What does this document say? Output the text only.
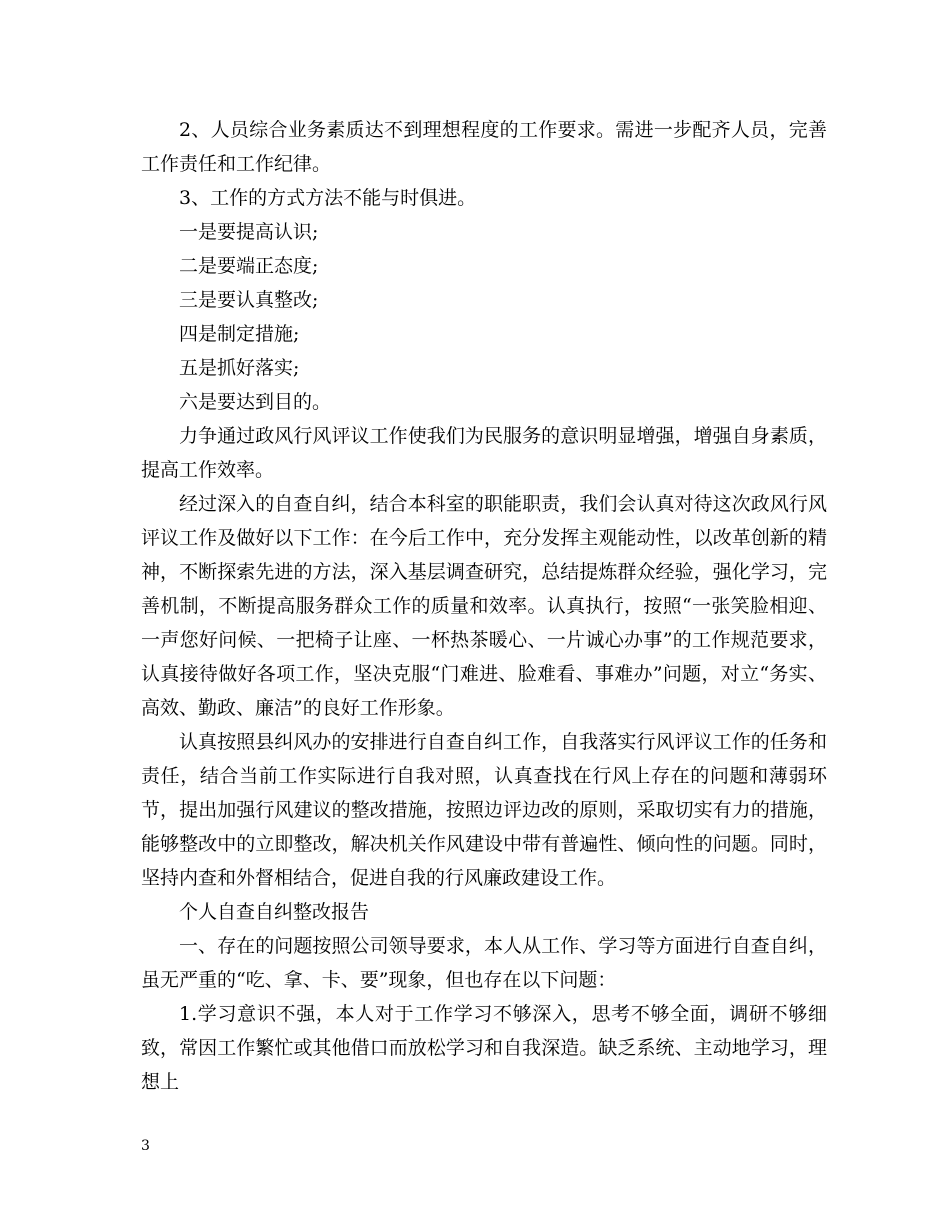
2、人员综合业务素质达不到理想程度的工作要求。需进一步配齐人员，完善工作责任和工作纪律。

3、工作的方式方法不能与时俱进。

一是要提高认识;

二是要端正态度;

三是要认真整改;

四是制定措施;

五是抓好落实;

六是要达到目的。

力争通过政风行风评议工作使我们为民服务的意识明显增强，增强自身素质，提高工作效率。

经过深入的自查自纠，结合本科室的职能职责，我们会认真对待这次政风行风评议工作及做好以下工作：在今后工作中，充分发挥主观能动性，以改革创新的精神，不断探索先进的方法，深入基层调查研究，总结提炼群众经验，强化学习，完善机制，不断提高服务群众工作的质量和效率。认真执行，按照“一张笑脸相迎、一声您好问候、一把椅子让座、一杯热茶暖心、一片诚心办事”的工作规范要求，认真接待做好各项工作，坚决克服“门难进、脸难看、事难办”问题，对立“务实、高效、勤政、廉洁”的良好工作形象。

认真按照县纠风办的安排进行自查自纠工作，自我落实行风评议工作的任务和责任，结合当前工作实际进行自我对照，认真查找在行风上存在的问题和薄弱环节，提出加强行风建议的整改措施，按照边评边改的原则，采取切实有力的措施，能够整改中的立即整改，解决机关作风建设中带有普遍性、倾向性的问题。同时，坚持内查和外督相结合，促进自我的行风廉政建设工作。

个人自查自纠整改报告

一、存在的问题按照公司领导要求，本人从工作、学习等方面进行自查自纠，虽无严重的“吃、拿、卡、要”现象，但也存在以下问题：

1.学习意识不强，本人对于工作学习不够深入，思考不够全面，调研不够细致，常因工作繁忙或其他借口而放松学习和自我深造。缺乏系统、主动地学习，理想上

3
